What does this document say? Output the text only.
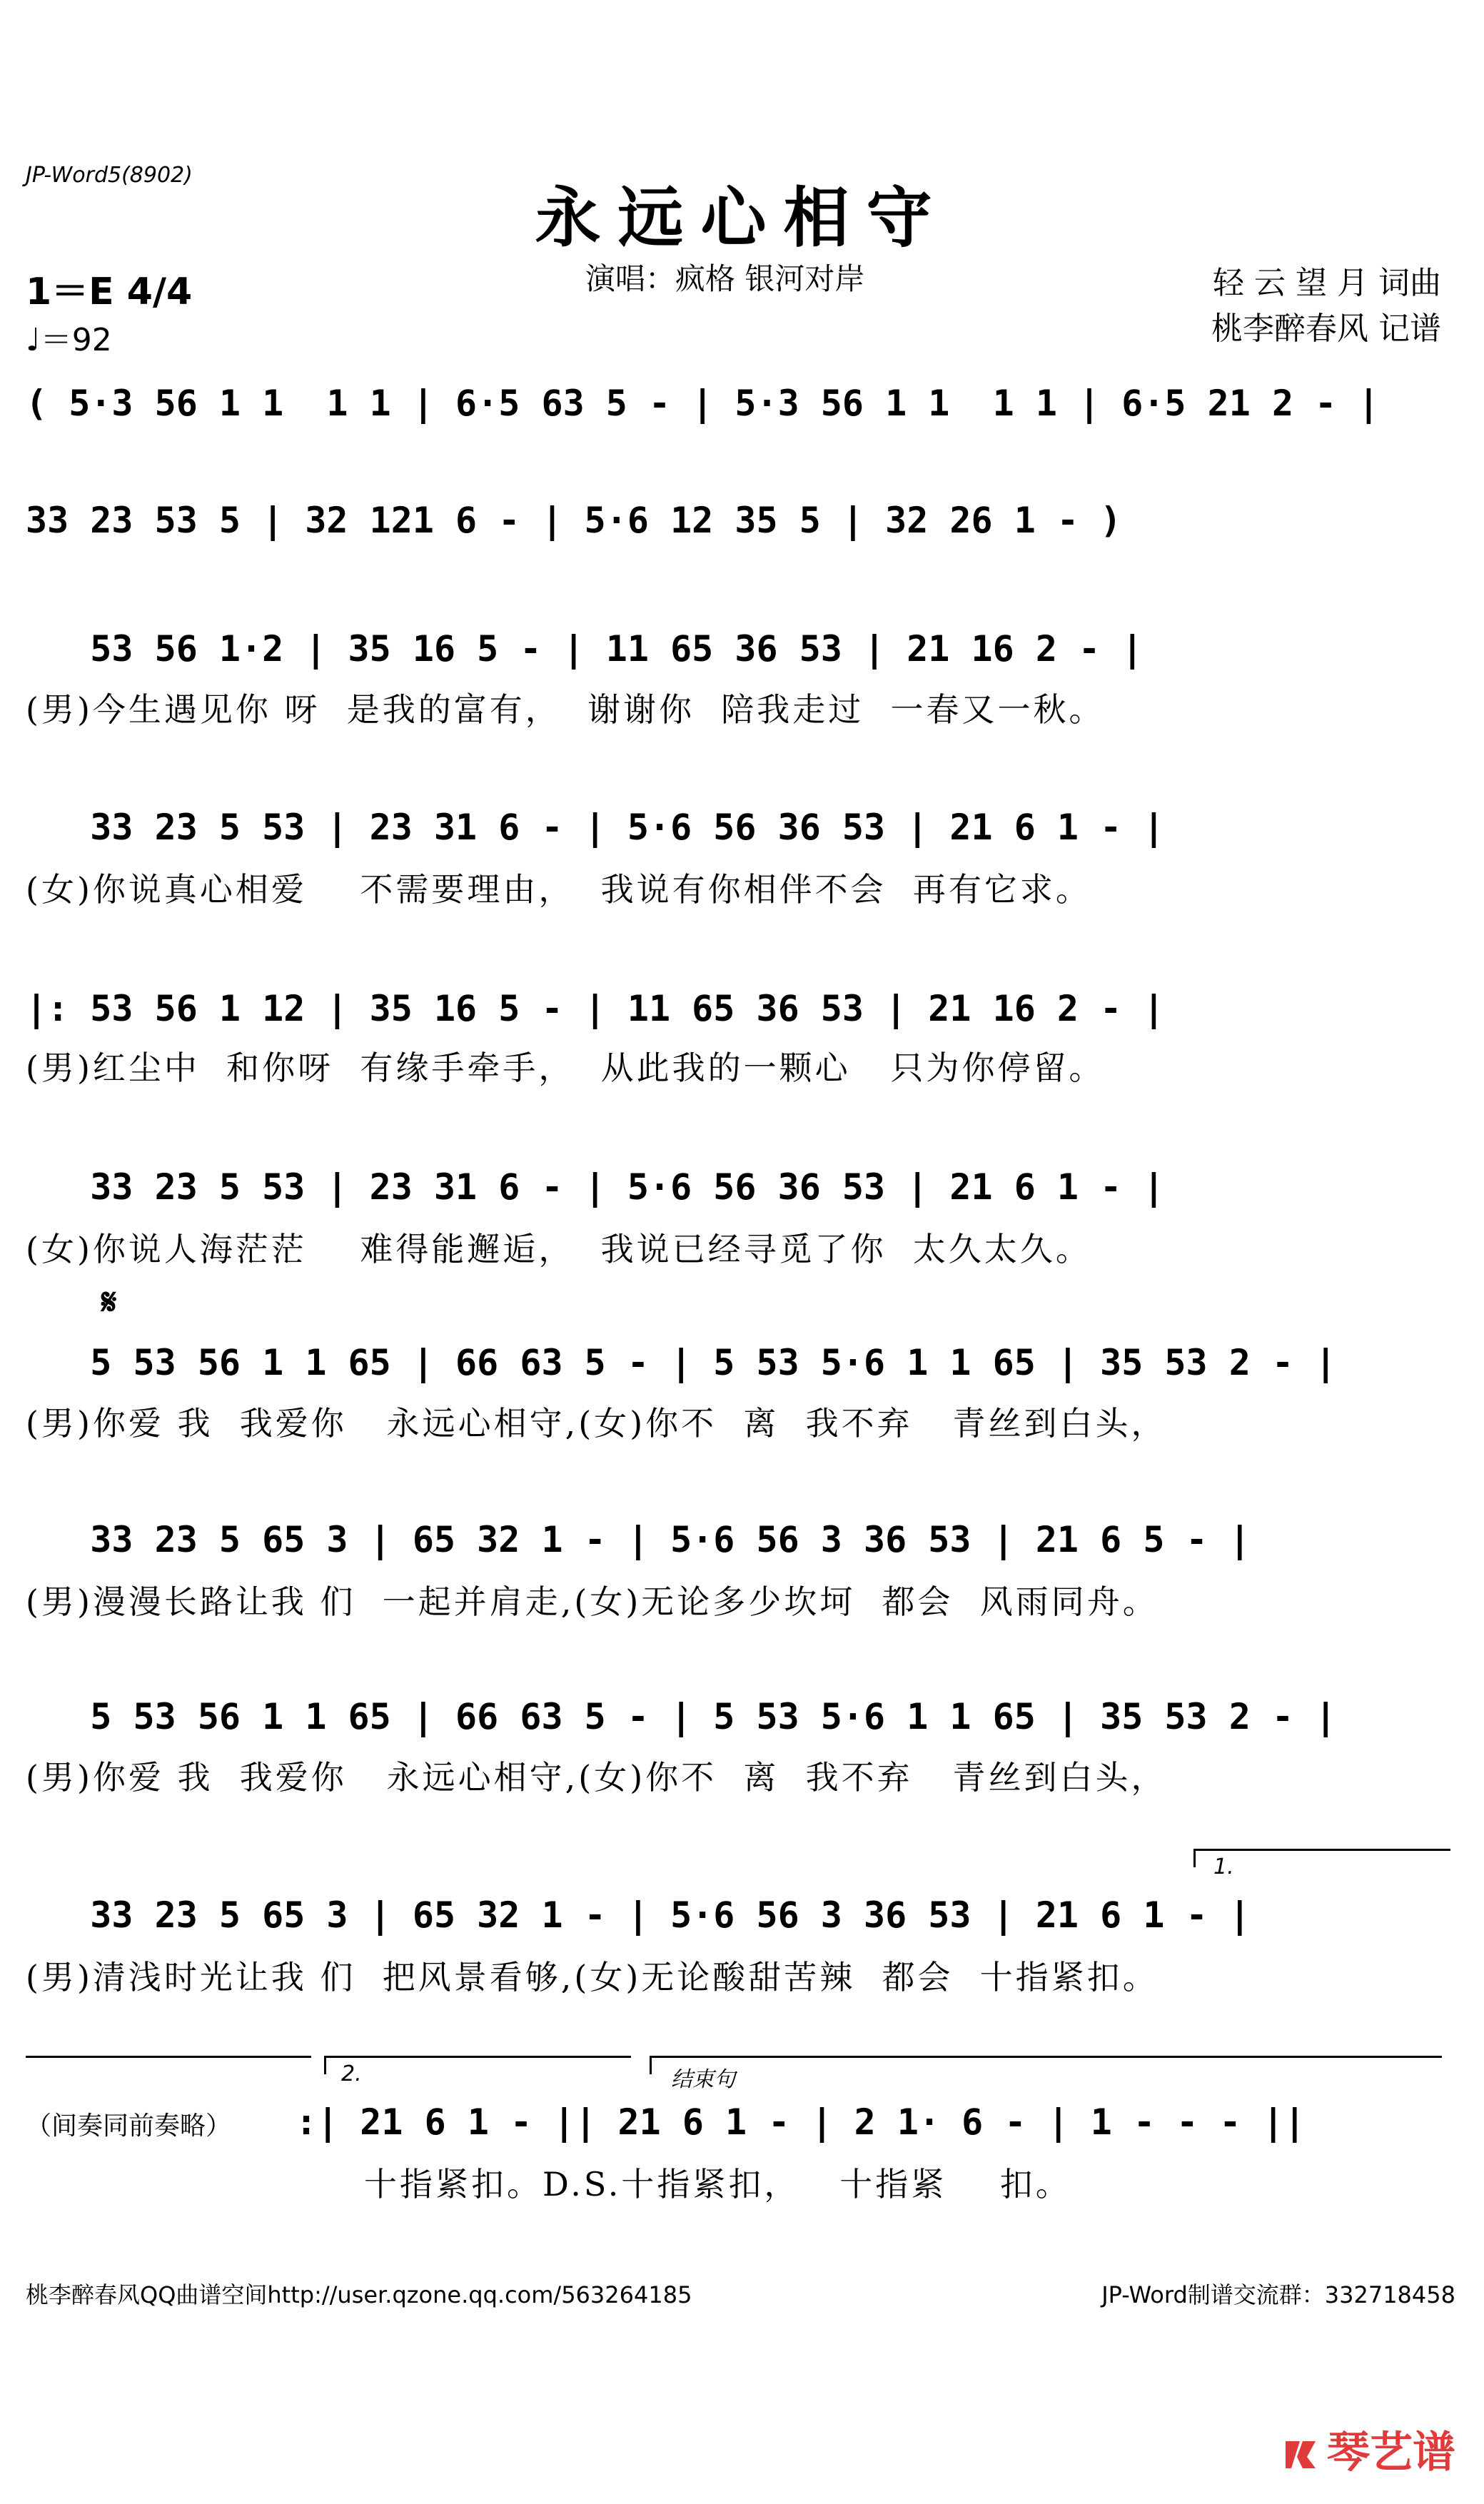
JP-Word5(8902)
永远心相守
演唱：疯格 银河对岸	轻 云 望 月 词曲
桃李醉春风 记谱
1＝E 4/4
♩＝92
( 5·3 56 1 1  1 1 | 6·5 63 5 - | 5·3 56 1 1  1 1 | 6·5 21 2 - |
33 23 53 5 | 32 121 6 - | 5·6 12 35 5 | 32 26 1 - )
53 56 1·2 | 35 16 5 - | 11 65 36 53 | 21 16 2 - |
(男)今生遇见你 呀  是我的富有，  谢谢你  陪我走过  一春又一秋。
33 23 5 53 | 23 31 6 - | 5·6 56 36 53 | 21 6 1 - |
(女)你说真心相爱    不需要理由，  我说有你相伴不会  再有它求。
|: 53 56 1 12 | 35 16 5 - | 11 65 36 53 | 21 16 2 - |
(男)红尘中  和你呀  有缘手牵手，  从此我的一颗心   只为你停留。
33 23 5 53 | 23 31 6 - | 5·6 56 36 53 | 21 6 1 - |
(女)你说人海茫茫    难得能邂逅，  我说已经寻觅了你  太久太久。
𝄋
5 53 56 1 1 65 | 66 63 5 - | 5 53 5·6 1 1 65 | 35 53 2 - |
(男)你爱 我  我爱你   永远心相守,(女)你不  离  我不弃   青丝到白头，
33 23 5 65 3 | 65 32 1 - | 5·6 56 3 36 53 | 21 6 5 - |
(男)漫漫长路让我 们  一起并肩走,(女)无论多少坎坷  都会  风雨同舟。
5 53 56 1 1 65 | 66 63 5 - | 5 53 5·6 1 1 65 | 35 53 2 - |
(男)你爱 我  我爱你   永远心相守,(女)你不  离  我不弃   青丝到白头，
1.
33 23 5 65 3 | 65 32 1 - | 5·6 56 3 36 53 | 21 6 1 - |
(男)清浅时光让我 们  把风景看够,(女)无论酸甜苦辣  都会  十指紧扣。
（间奏同前奏略）
2.	结束句
:| 21 6 1 - || 21 6 1 - | 2 1· 6 - | 1 - - - ||
十指紧扣。D.S.十指紧扣，   十指紧    扣。
桃李醉春风QQ曲谱空间http://user.qzone.qq.com/563264185	JP-Word制谱交流群：332718458
琴艺谱
